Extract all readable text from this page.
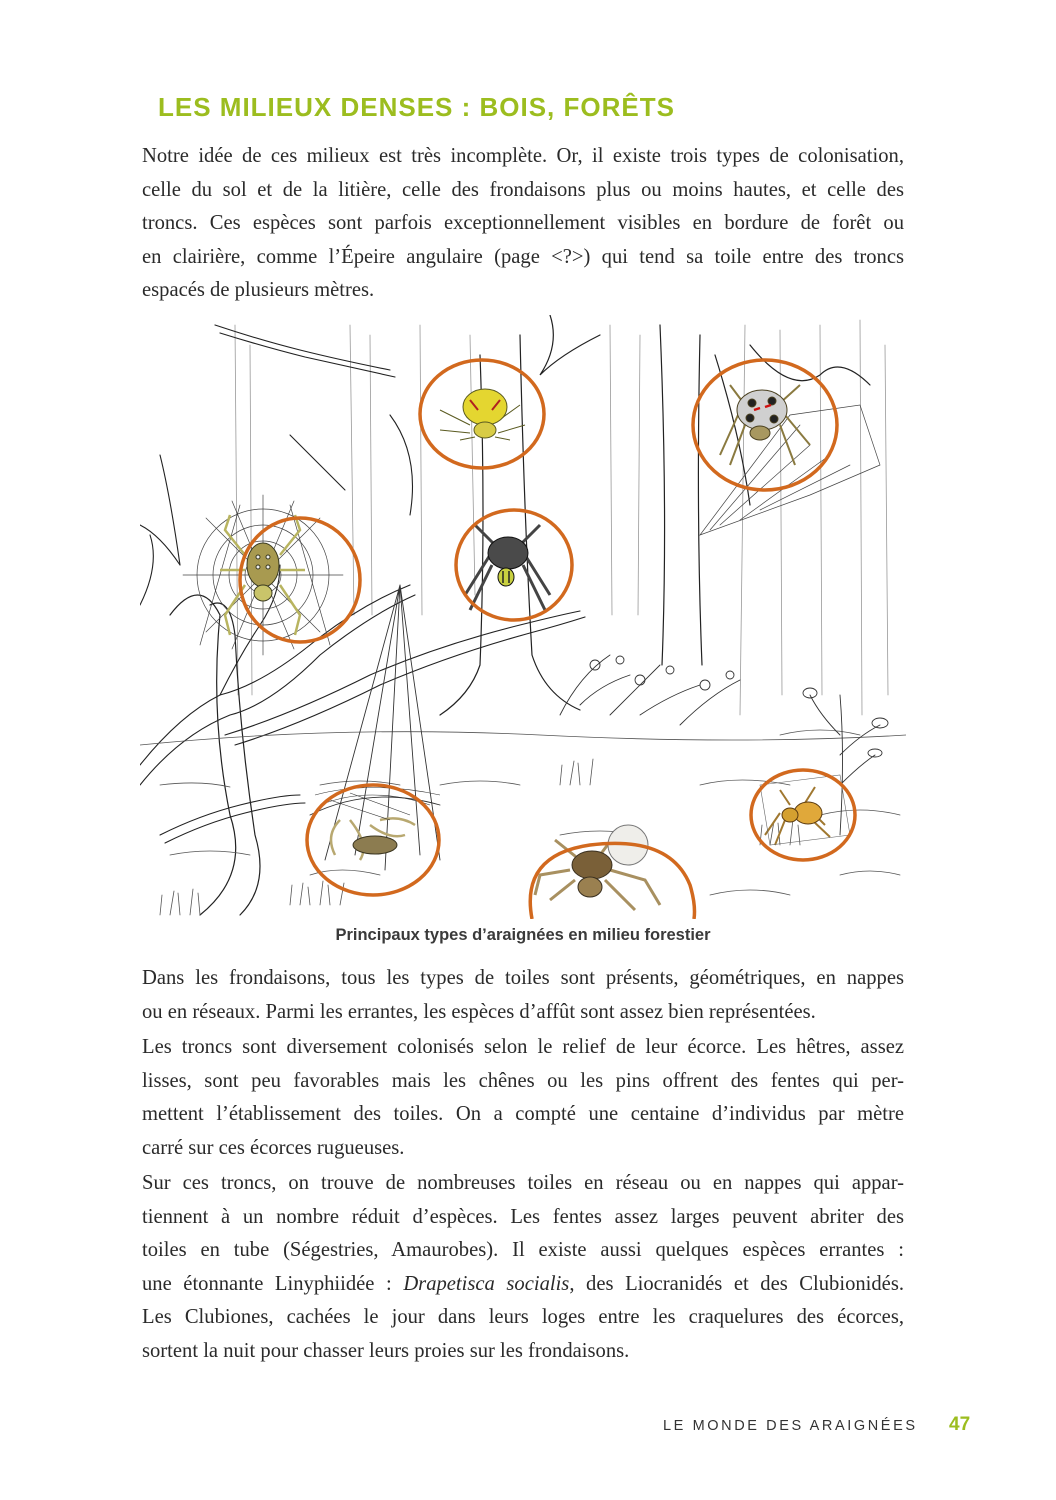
LES MILIEUX DENSES : BOIS, FORÊTS
Notre idée de ces milieux est très incomplète. Or, il existe trois types de colonisation,
celle du sol et de la litière, celle des frondaisons plus ou moins hautes, et celle des
troncs. Ces espèces sont parfois exceptionnellement visibles en bordure de forêt ou
en clairière, comme l’Épeire angulaire (page <?>) qui tend sa toile entre des troncs
espacés de plusieurs mètres.
Principaux types d’araignées en milieu forestier
Dans les frondaisons, tous les types de toiles sont présents, géométriques, en nappes
ou en réseaux. Parmi les errantes, les espèces d’affût sont assez bien représentées.
Les troncs sont diversement colonisés selon le relief de leur écorce. Les hêtres, assez
lisses, sont peu favorables mais les chênes ou les pins offrent des fentes qui per-
mettent l’établissement des toiles. On a compté une centaine d’individus par mètre
carré sur ces écorces rugueuses.
Sur ces troncs, on trouve de nombreuses toiles en réseau ou en nappes qui appar-
tiennent à un nombre réduit d’espèces. Les fentes assez larges peuvent abriter des
toiles en tube (Ségestries, Amaurobes). Il existe aussi quelques espèces errantes :
une étonnante Linyphiidée : Drapetisca socialis, des Liocranidés et des Clubionidés.
Les Clubiones, cachées le jour dans leurs loges entre les craquelures des écorces,
sortent la nuit pour chasser leurs proies sur les frondaisons.
LE MONDE DES ARAIGNÉES 47
